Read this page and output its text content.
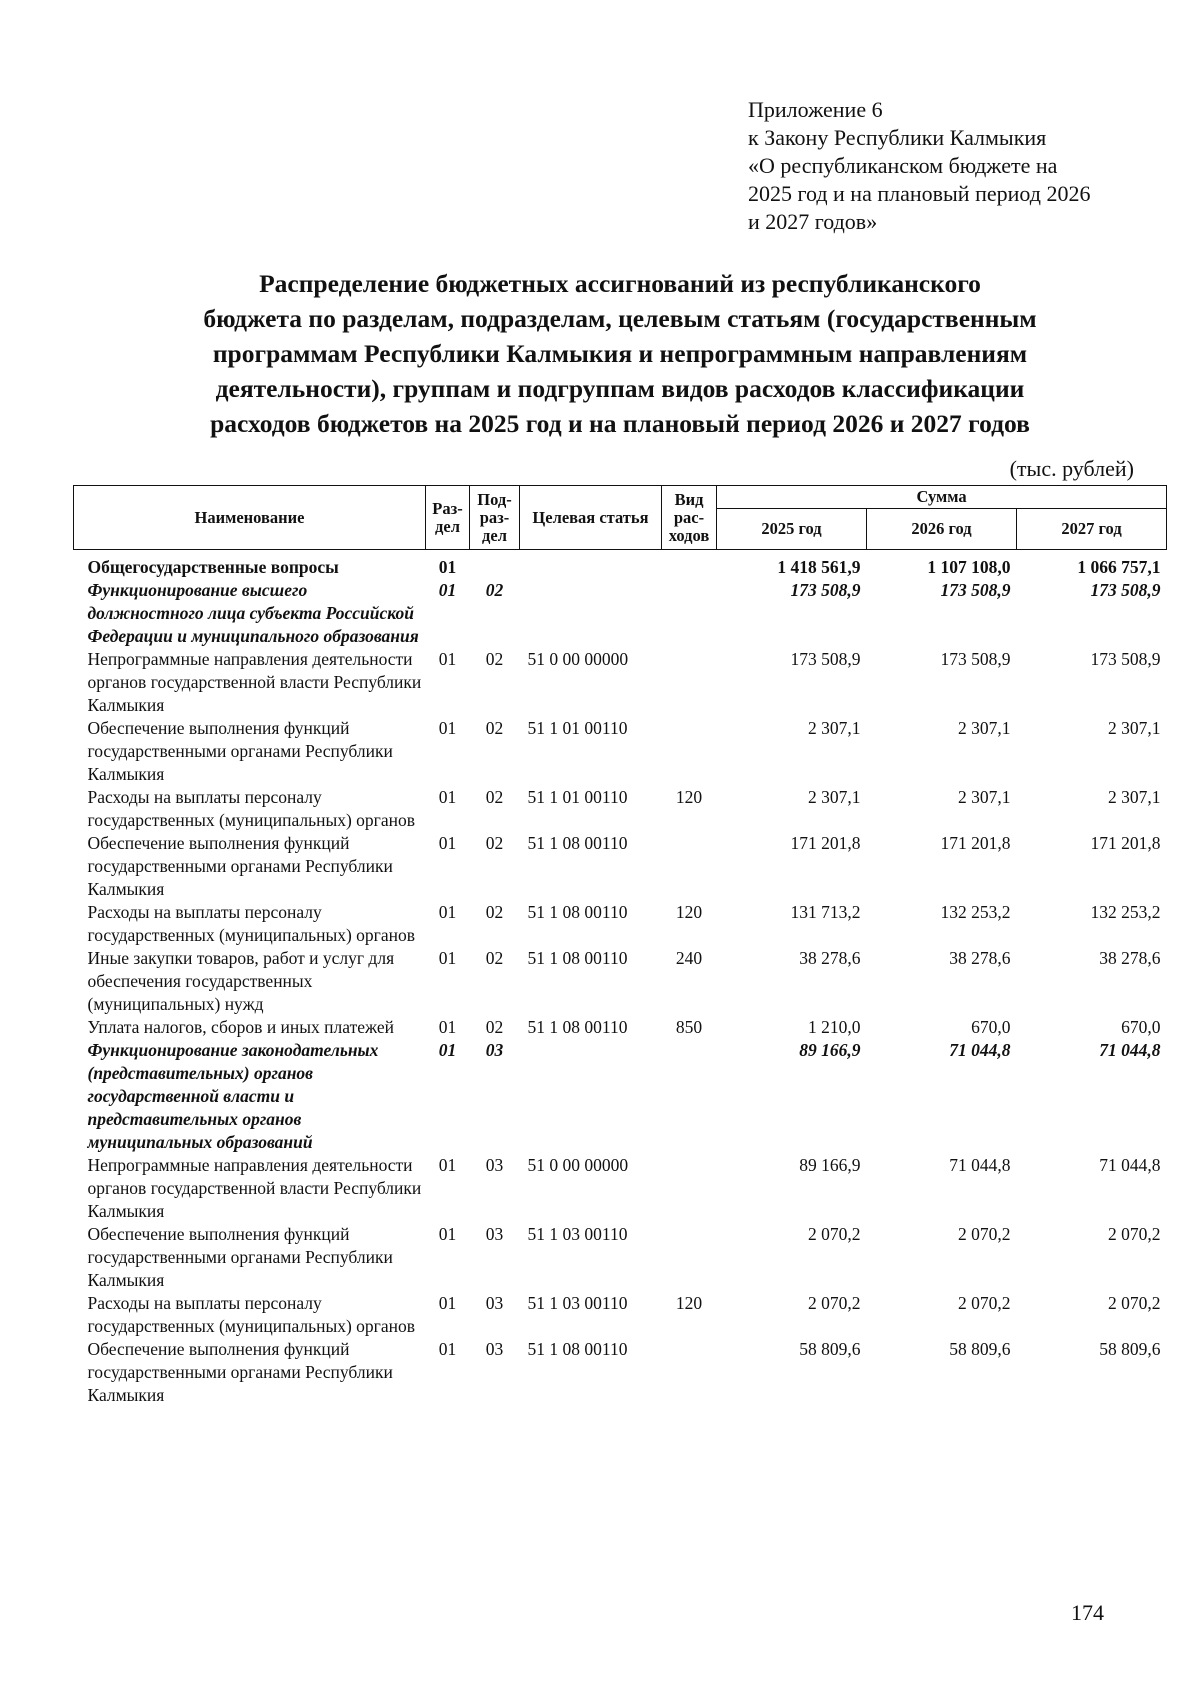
Приложение 6
к Закону Республики Калмыкия
«О республиканском бюджете на
2025 год и на плановый период 2026
и 2027 годов»
Распределение бюджетных ассигнований из республиканского
бюджета по разделам, подразделам, целевым статьям (государственным
программам Республики Калмыкия и непрограммным направлениям
деятельности), группам и подгруппам видов расходов классификации
расходов бюджетов на 2025 год и на плановый период 2026 и 2027 годов
(тыс. рублей)
Наименование	Раз-дел	Под-раз-дел	Целевая статья	Вид рас-ходов	Сумма		
					2025 год	2026 год	2027 год
Общегосударственные вопросы	01				1 418 561,9	1 107 108,0	1 066 757,1
Функционирование высшего должностного лица субъекта Российской Федерации и муниципального образования	01	02			173 508,9	173 508,9	173 508,9
Непрограммные направления деятельности органов государственной власти Республики Калмыкия	01	02	51 0 00 00000		173 508,9	173 508,9	173 508,9
Обеспечение выполнения функций государственными органами Республики Калмыкия	01	02	51 1 01 00110		2 307,1	2 307,1	2 307,1
Расходы на выплаты персоналу государственных (муниципальных) органов	01	02	51 1 01 00110	120	2 307,1	2 307,1	2 307,1
Обеспечение выполнения функций государственными органами Республики Калмыкия	01	02	51 1 08 00110		171 201,8	171 201,8	171 201,8
Расходы на выплаты персоналу государственных (муниципальных) органов	01	02	51 1 08 00110	120	131 713,2	132 253,2	132 253,2
Иные закупки товаров, работ и услуг для обеспечения государственных (муниципальных) нужд	01	02	51 1 08 00110	240	38 278,6	38 278,6	38 278,6
Уплата налогов, сборов и иных платежей	01	02	51 1 08 00110	850	1 210,0	670,0	670,0
Функционирование законодательных (представительных) органов государственной власти и представительных органов муниципальных образований	01	03			89 166,9	71 044,8	71 044,8
Непрограммные направления деятельности органов государственной власти Республики Калмыкия	01	03	51 0 00 00000		89 166,9	71 044,8	71 044,8
Обеспечение выполнения функций государственными органами Республики Калмыкия	01	03	51 1 03 00110		2 070,2	2 070,2	2 070,2
Расходы на выплаты персоналу государственных (муниципальных) органов	01	03	51 1 03 00110	120	2 070,2	2 070,2	2 070,2
Обеспечение выполнения функций государственными органами Республики Калмыкия	01	03	51 1 08 00110		58 809,6	58 809,6	58 809,6
174
